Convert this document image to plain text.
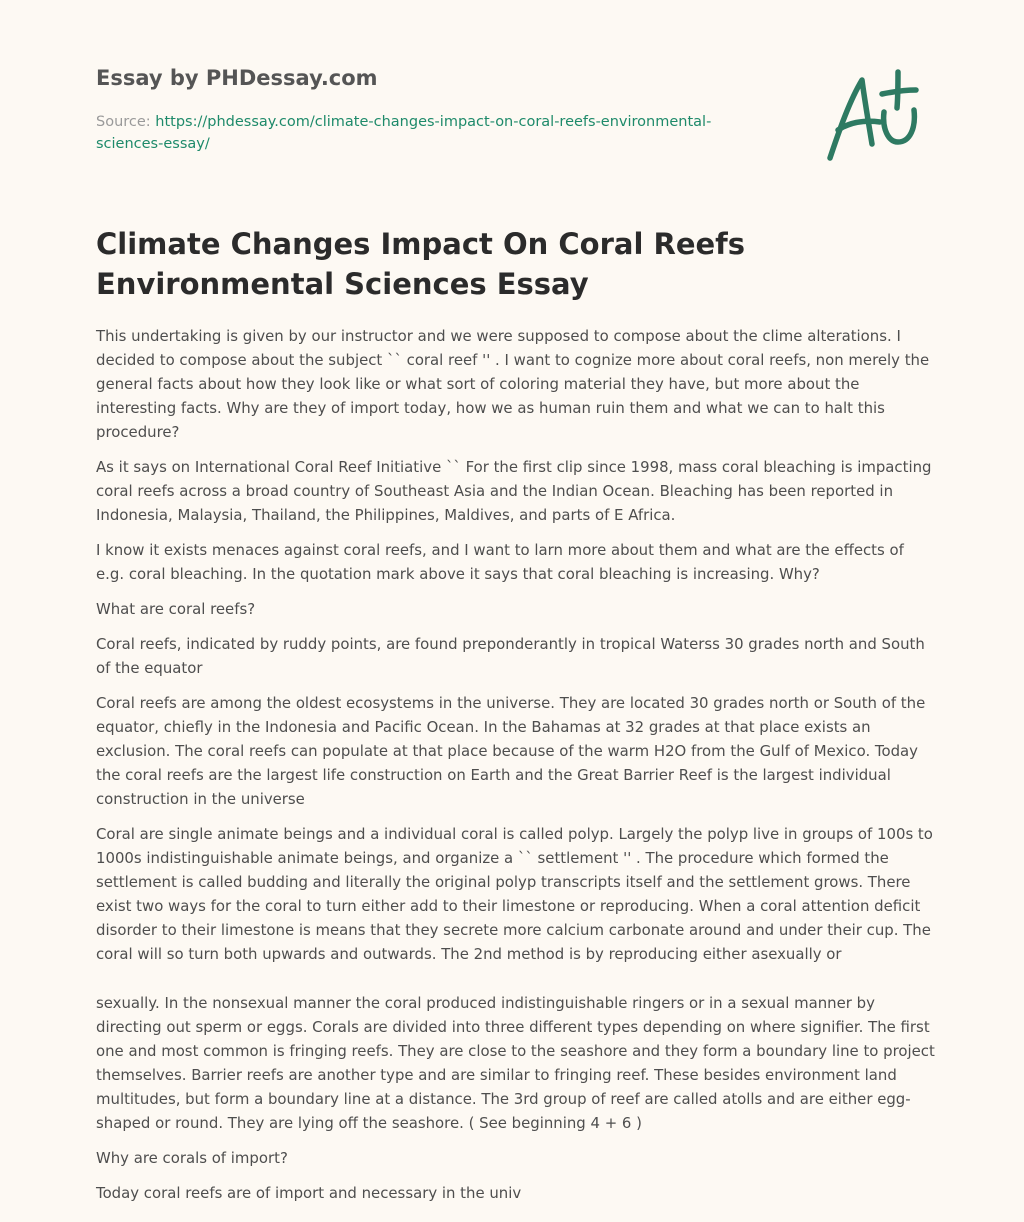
Essay by PHDessay.com
Source: https://phdessay.com/climate-changes-impact-on-coral-reefs-environmental-sciences-essay/
Climate Changes Impact On Coral Reefs Environmental Sciences Essay

This undertaking is given by our instructor and we were supposed to compose about the clime alterations. I decided to compose about the subject `` coral reef '' . I want to cognize more about coral reefs, non merely the general facts about how they look like or what sort of coloring material they have, but more about the interesting facts. Why are they of import today, how we as human ruin them and what we can to halt this procedure?

As it says on International Coral Reef Initiative `` For the first clip since 1998, mass coral bleaching is impacting coral reefs across a broad country of Southeast Asia and the Indian Ocean. Bleaching has been reported in Indonesia, Malaysia, Thailand, the Philippines, Maldives, and parts of E Africa.

I know it exists menaces against coral reefs, and I want to larn more about them and what are the effects of e.g. coral bleaching. In the quotation mark above it says that coral bleaching is increasing. Why?

What are coral reefs?

Coral reefs, indicated by ruddy points, are found preponderantly in tropical Waterss 30 grades north and South of the equator

Coral reefs are among the oldest ecosystems in the universe. They are located 30 grades north or South of the equator, chiefly in the Indonesia and Pacific Ocean. In the Bahamas at 32 grades at that place exists an exclusion. The coral reefs can populate at that place because of the warm H2O from the Gulf of Mexico. Today the coral reefs are the largest life construction on Earth and the Great Barrier Reef is the largest individual construction in the universe

Coral are single animate beings and a individual coral is called polyp. Largely the polyp live in groups of 100s to 1000s indistinguishable animate beings, and organize a `` settlement '' . The procedure which formed the settlement is called budding and literally the original polyp transcripts itself and the settlement grows. There exist two ways for the coral to turn either add to their limestone or reproducing. When a coral attention deficit disorder to their limestone is means that they secrete more calcium carbonate around and under their cup. The coral will so turn both upwards and outwards. The 2nd method is by reproducing either asexually or

sexually. In the nonsexual manner the coral produced indistinguishable ringers or in a sexual manner by directing out sperm or eggs. Corals are divided into three different types depending on where signifier. The first one and most common is fringing reefs. They are close to the seashore and they form a boundary line to project themselves. Barrier reefs are another type and are similar to fringing reef. These besides environment land multitudes, but form a boundary line at a distance. The 3rd group of reef are called atolls and are either egg-shaped or round. They are lying off the seashore. ( See beginning 4 + 6 )

Why are corals of import?

Today coral reefs are of import and necessary in the univ
